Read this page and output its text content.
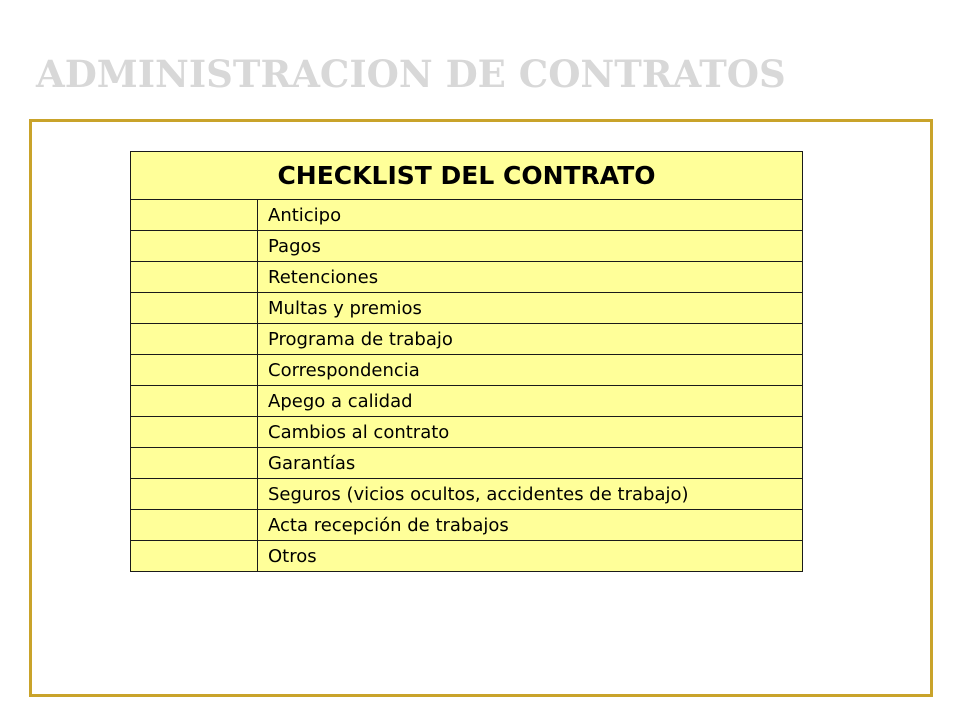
ADMINISTRACION DE CONTRATOS
CHECKLIST DEL CONTRATO	
	Anticipo
	Pagos
	Retenciones
	Multas y premios
	Programa de trabajo
	Correspondencia
	Apego a calidad
	Cambios al contrato
	Garantías
	Seguros (vicios ocultos, accidentes de trabajo)
	Acta recepción de trabajos
	Otros
